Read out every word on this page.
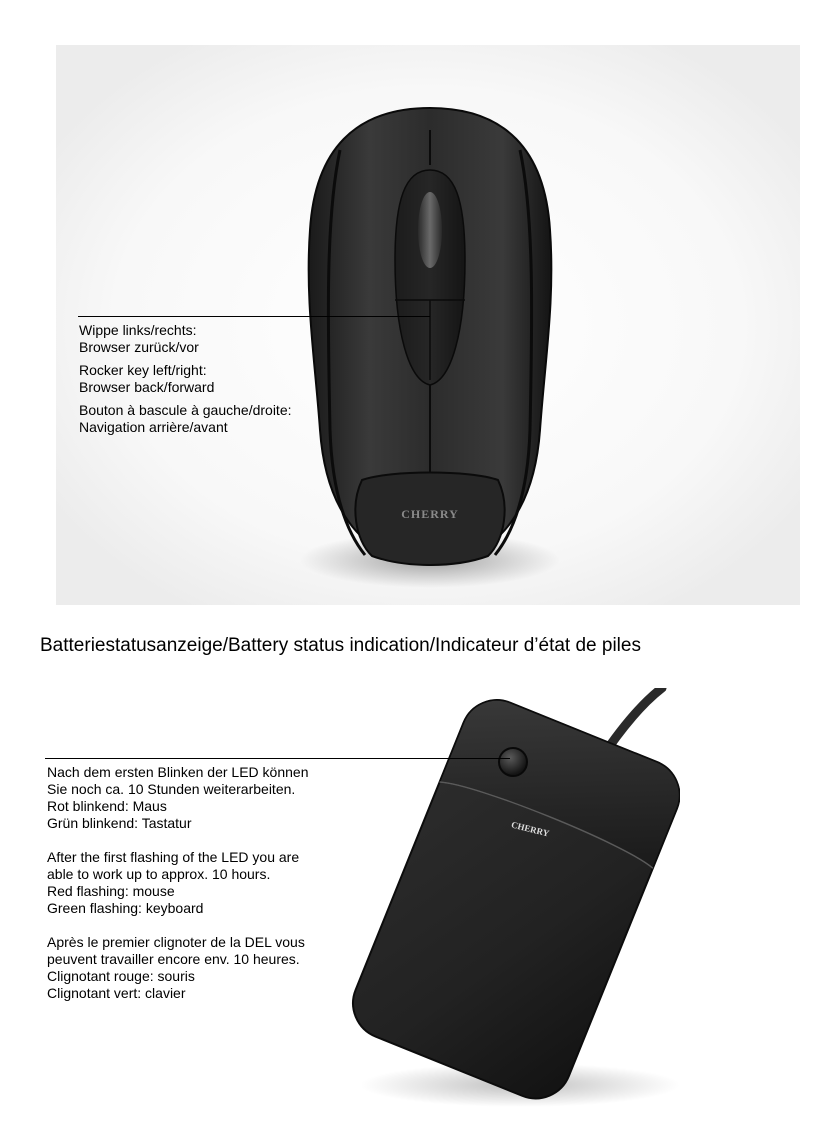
CHERRY
Wippe links/rechts:
Browser zurück/vor
Rocker key left/right:
Browser back/forward
Bouton à bascule à gauche/droite:
Navigation arrière/avant
Batteriestatusanzeige/Battery status indication/Indicateur d’état de piles
CHERRY
Nach dem ersten Blinken der LED können
Sie noch ca. 10 Stunden weiterarbeiten.
Rot blinkend: Maus
Grün blinkend: Tastatur
After the first flashing of the LED you are
able to work up to approx. 10 hours.
Red flashing: mouse
Green flashing: keyboard
Après le premier clignoter de la DEL vous
peuvent travailler encore env. 10 heures.
Clignotant rouge: souris
Clignotant vert: clavier
